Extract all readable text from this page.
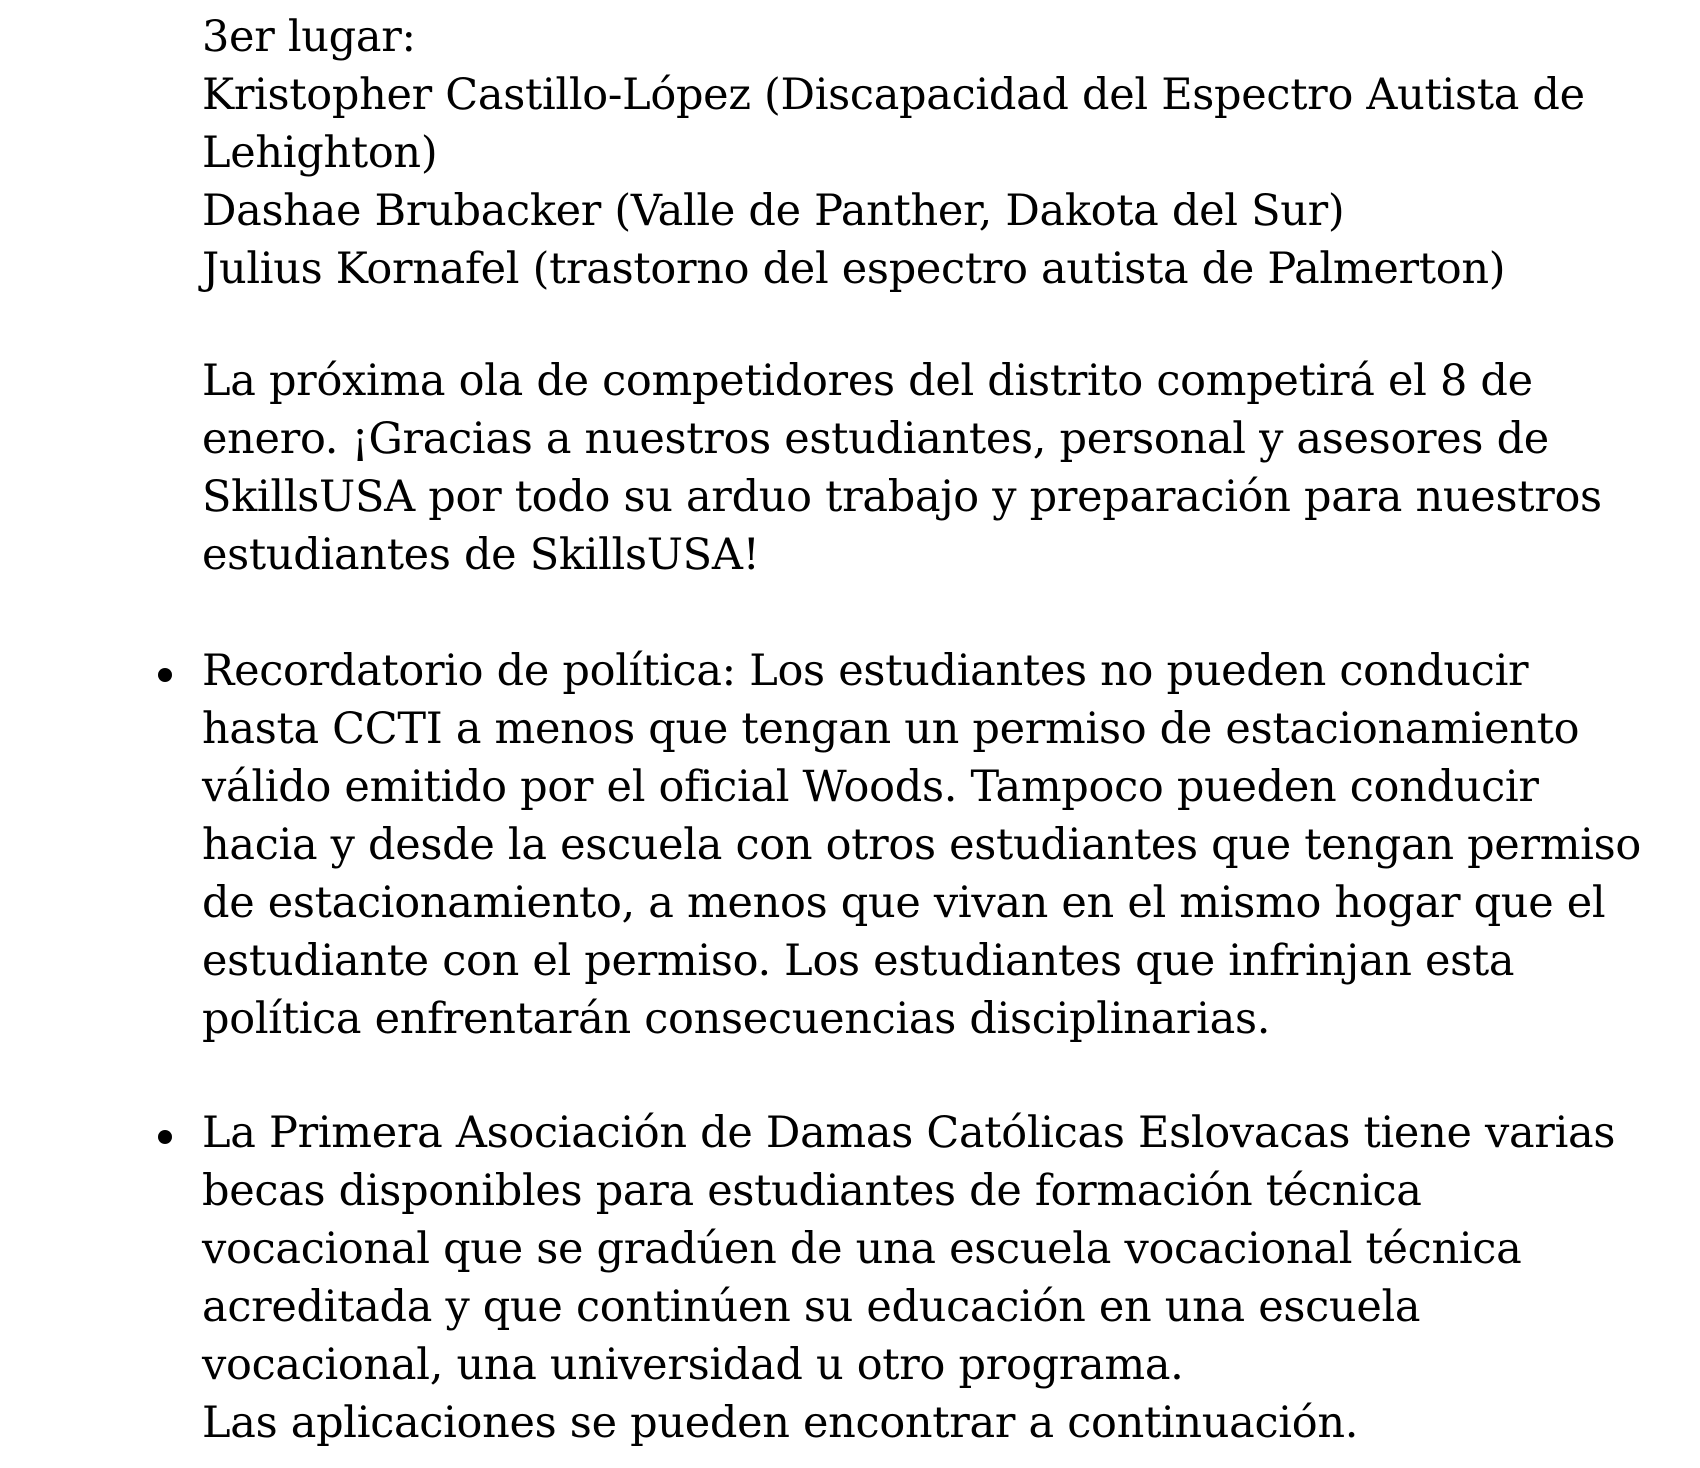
3er lugar:
Kristopher Castillo-López (Discapacidad del Espectro Autista de
Lehighton)
Dashae Brubacker (Valle de Panther, Dakota del Sur)
Julius Kornafel (trastorno del espectro autista de Palmerton)
La próxima ola de competidores del distrito competirá el 8 de
enero. ¡Gracias a nuestros estudiantes, personal y asesores de
SkillsUSA por todo su arduo trabajo y preparación para nuestros
estudiantes de SkillsUSA!
Recordatorio de política: Los estudiantes no pueden conducir
hasta CCTI a menos que tengan un permiso de estacionamiento
válido emitido por el oficial Woods. Tampoco pueden conducir
hacia y desde la escuela con otros estudiantes que tengan permiso
de estacionamiento, a menos que vivan en el mismo hogar que el
estudiante con el permiso. Los estudiantes que infrinjan esta
política enfrentarán consecuencias disciplinarias.
La Primera Asociación de Damas Católicas Eslovacas tiene varias
becas disponibles para estudiantes de formación técnica
vocacional que se gradúen de una escuela vocacional técnica
acreditada y que continúen su educación en una escuela
vocacional, una universidad u otro programa.
Las aplicaciones se pueden encontrar a continuación.
